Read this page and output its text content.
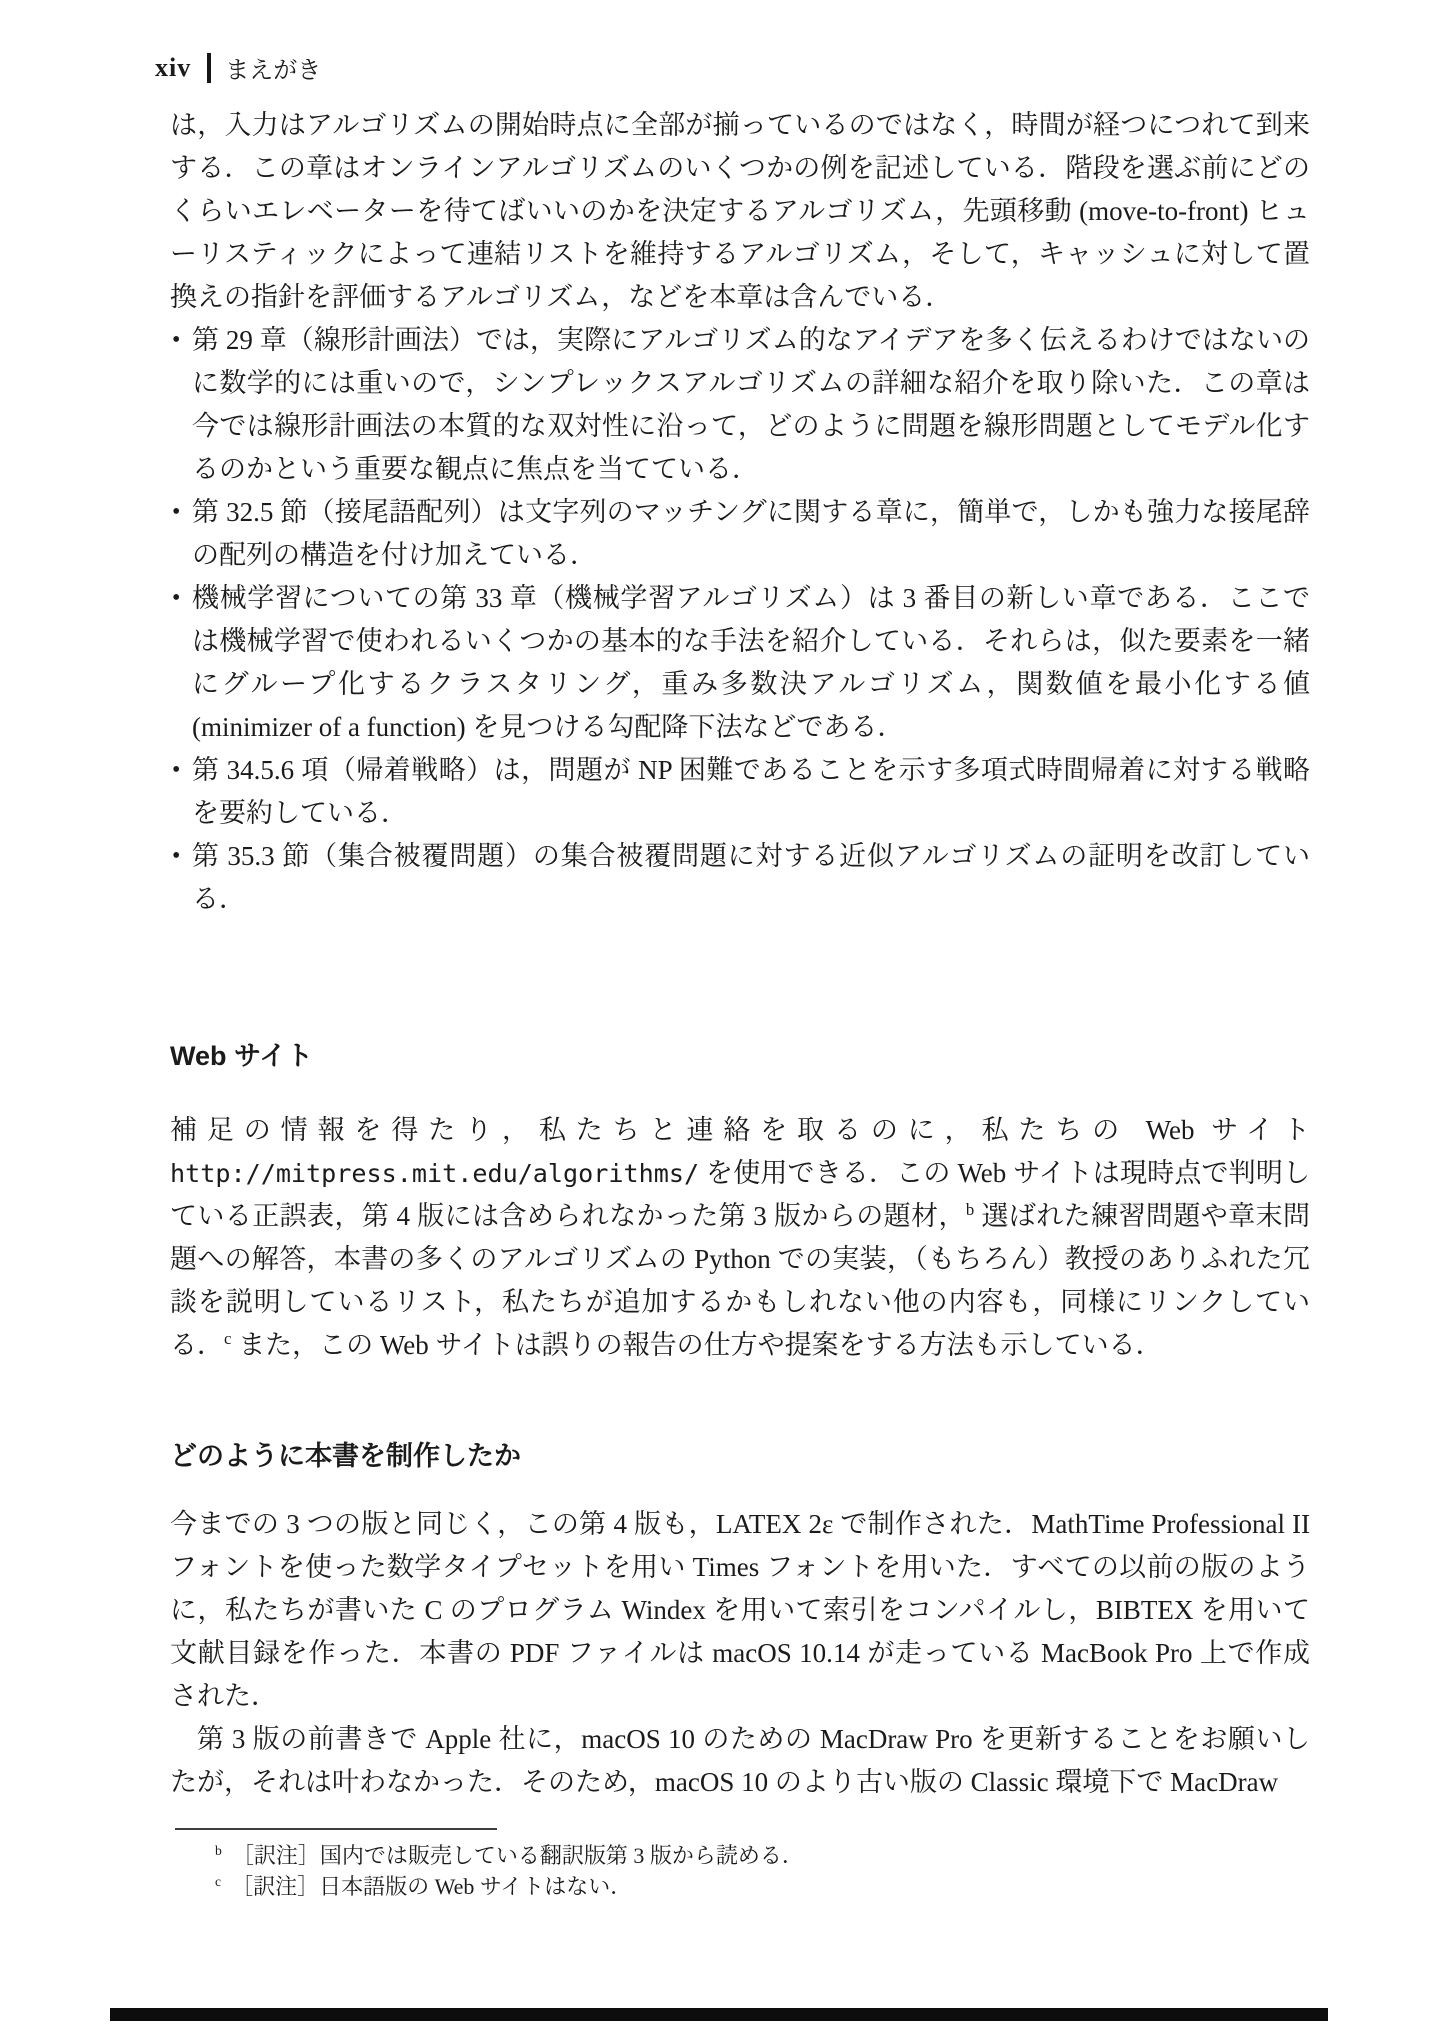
xiv まえがき

は，入力はアルゴリズムの開始時点に全部が揃っているのではなく，時間が経つにつれて到来する．この章はオンラインアルゴリズムのいくつかの例を記述している．階段を選ぶ前にどのくらいエレベーターを待てばいいのかを決定するアルゴリズム，先頭移動 (move-to-front) ヒューリスティックによって連結リストを維持するアルゴリズム，そして，キャッシュに対して置換えの指針を評価するアルゴリズム，などを本章は含んでいる．

• 第 29 章（線形計画法）では，実際にアルゴリズム的なアイデアを多く伝えるわけではないのに数学的には重いので，シンプレックスアルゴリズムの詳細な紹介を取り除いた．この章は今では線形計画法の本質的な双対性に沿って，どのように問題を線形問題としてモデル化するのかという重要な観点に焦点を当てている．
• 第 32.5 節（接尾語配列）は文字列のマッチングに関する章に，簡単で，しかも強力な接尾辞の配列の構造を付け加えている．
• 機械学習についての第 33 章（機械学習アルゴリズム）は 3 番目の新しい章である．ここでは機械学習で使われるいくつかの基本的な手法を紹介している．それらは，似た要素を一緒にグループ化するクラスタリング，重み多数決アルゴリズム，関数値を最小化する値 (minimizer of a function) を見つける勾配降下法などである．
• 第 34.5.6 項（帰着戦略）は，問題が NP 困難であることを示す多項式時間帰着に対する戦略を要約している．
• 第 35.3 節（集合被覆問題）の集合被覆問題に対する近似アルゴリズムの証明を改訂している．
Web サイト

補足の情報を得たり，私たちと連絡を取るのに，私たちの Web サイト http://mitpress.mit.edu/algorithms/ を使用できる．この Web サイトは現時点で判明している正誤表，第 4 版には含められなかった第 3 版からの題材，$^b$ 選ばれた練習問題や章末問題への解答，本書の多くのアルゴリズムの Python での実装，（もちろん）教授のありふれた冗談を説明しているリスト，私たちが追加するかもしれない他の内容も，同様にリンクしている．$^c$ また，この Web サイトは誤りの報告の仕方や提案をする方法も示している．

どのように本書を制作したか

今までの 3 つの版と同じく，この第 4 版も，LATEX 2ε で制作された．MathTime Professional II フォントを使った数学タイプセットを用い Times フォントを用いた．すべての以前の版のように，私たちが書いた C のプログラム Windex を用いて索引をコンパイルし，BIBTEX を用いて文献目録を作った．本書の PDF ファイルは macOS 10.14 が走っている MacBook Pro 上で作成された．

第 3 版の前書きで Apple 社に，macOS 10 のための MacDraw Pro を更新することをお願いしたが，それは叶わなかった．そのため，macOS 10 のより古い版の Classic 環境下で MacDraw

$^b$ ［訳注］国内では販売している翻訳版第 3 版から読める．
$^c$ ［訳注］日本語版の Web サイトはない．
